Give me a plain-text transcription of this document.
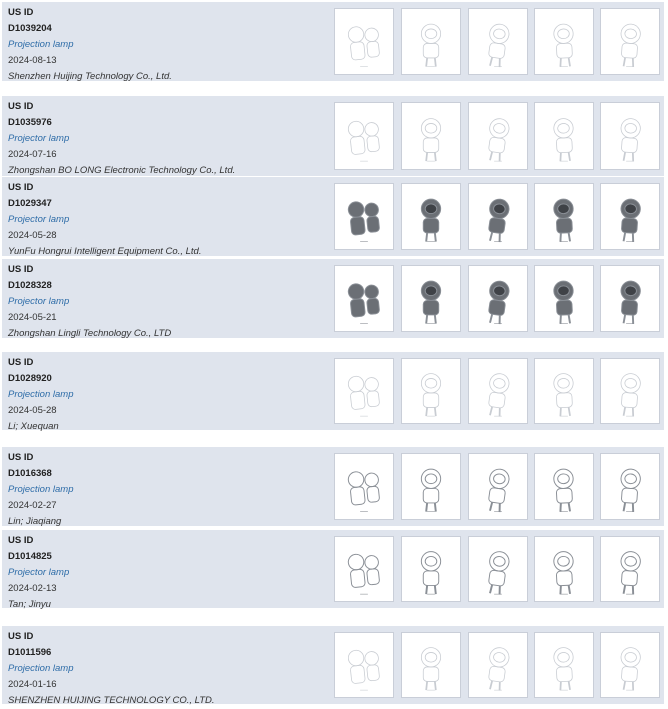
US ID
D1039204
Projection lamp
2024-08-13
Shenzhen Huijing Technology Co., Ltd.
US ID
D1035976
Projector lamp
2024-07-16
Zhongshan BO LONG Electronic Technology Co., Ltd.
US ID
D1029347
Projector lamp
2024-05-28
YunFu Hongrui Intelligent Equipment Co., Ltd.
US ID
D1028328
Projector lamp
2024-05-21
Zhongshan Lingli Technology Co., LTD
US ID
D1028920
Projection lamp
2024-05-28
Li; Xuequan
US ID
D1016368
Projection lamp
2024-02-27
Lin; Jiaqiang
US ID
D1014825
Projector lamp
2024-02-13
Tan; Jinyu
US ID
D1011596
Projection lamp
2024-01-16
SHENZHEN HUIJING TECHNOLOGY CO., LTD.
